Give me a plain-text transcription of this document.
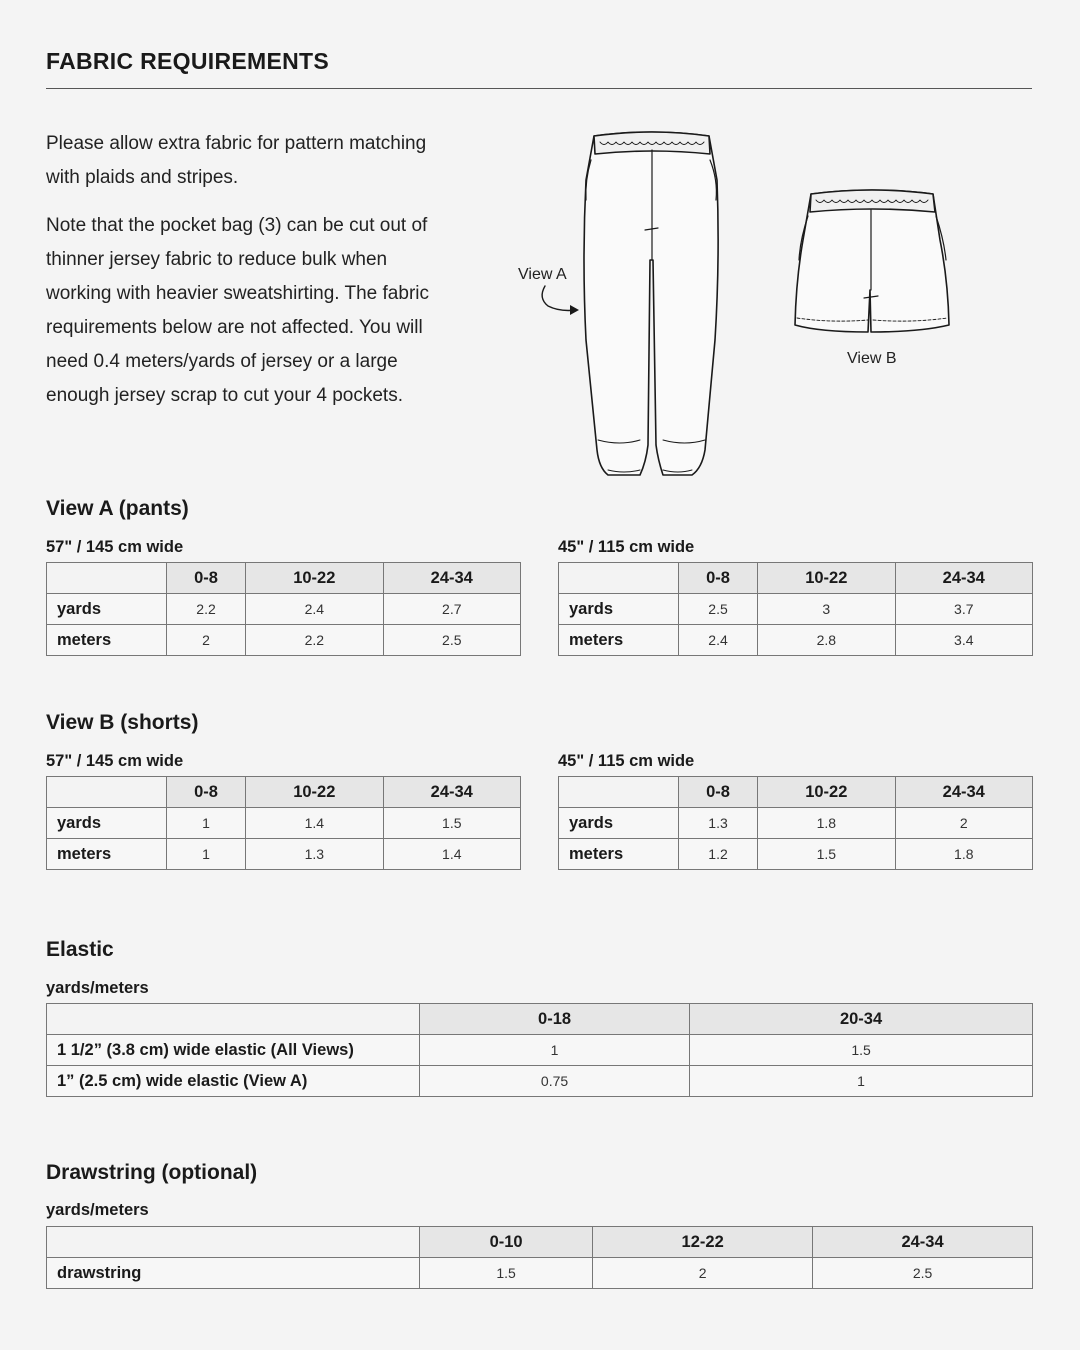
FABRIC REQUIREMENTS

Please allow extra fabric for pattern matching with plaids and stripes.

Note that the pocket bag (3) can be cut out of thinner jersey fabric to reduce bulk when working with heavier sweatshirting. The fabric requirements below are not affected. You will need 0.4 meters/yards of jersey or a large enough jersey scrap to cut your 4 pockets.

View A
View B
View A (pants)
57" / 145 cm wide	45" / 115 cm wide
	0-8	10-22	24-34
yards	2.2	2.4	2.7
meters	2	2.2	2.5
	0-8	10-22	24-34
yards	2.5	3	3.7
meters	2.4	2.8	3.4
View B (shorts)
57" / 145 cm wide	45" / 115 cm wide
	0-8	10-22	24-34
yards	1	1.4	1.5
meters	1	1.3	1.4
	0-8	10-22	24-34
yards	1.3	1.8	2
meters	1.2	1.5	1.8
Elastic
yards/meters
	0-18	20-34
1 1/2” (3.8 cm) wide elastic (All Views)	1	1.5
1” (2.5 cm) wide elastic (View A)	0.75	1
Drawstring (optional)
yards/meters
	0-10	12-22	24-34
drawstring	1.5	2	2.5
